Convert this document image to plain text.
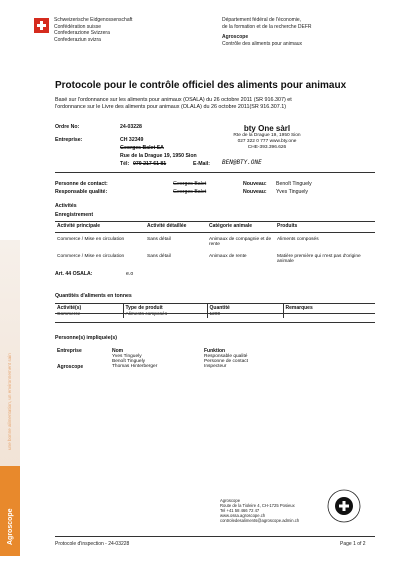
Schweizerische Eidgenossenschaft
Confédération suisse
Confederazione Svizzera
Confederaziun svizra
Département fédéral de l'économie,
de la formation et de la recherche DEFR
Agroscope
Contrôle des aliments pour animaux
Protocole pour le contrôle officiel des aliments pour animaux
Basé sur l'ordonnance sur les aliments pour animaux (OSALA) du 26 octobre 2011 (SR 916.307) et
l'ordonnance sur le Livre des aliments pour animaux (OLALA) du 26 octobre 2011(SR 916.307.1)
Ordre No:	24-03228
Entreprise:	CH 32349
Georges Balet SA
Rue de la Drague 19, 1950 Sion
Tél: 079 217 61 81	E-Mail: BEN@BTY.ONE
bty One sàrl
Rte de la Drague 19, 1950 Sion
027 322 0 777 www.bty.one
CHE-393.396.626
Personne de contact:	Georges Balet	Nouveau: Benoît Tinguely
Responsable qualité:	Georges Balet	Nouveau: Yves Tinguely
Activités
Enregistrement
Activité principale	Activité détaillée	Catégorie animale	Produits
Commerce / Mise en circulation	Sans détail	Animaux de compagnie et de rente	Aliments composés
Commerce / Mise en circulation	Sans détail	Animaux de rente	Matière première qui n'est pas d'origine animale
Art. 44 OSALA:	e.o
Quantités d'aliments en tonnes
Activité(s)	Type de produit	Quantité	Remarques
Commerce	Aliments composés	1200	
Personne(s) impliquée(s)
Entreprise	Nom	Funktion
	Yves Tinguely	Responsable qualité
	Benoît Tinguely	Personne de contact
Agroscope	Thomas Hinterberger	Inspecteur
une bonne alimentation, un environnement sain
Agroscope
Agroscope
Route de la Tioleire 4, CH-1725 Posieux
Tel +41 58 466 72 47
www.ossa.agroscope.ch
controledesaliments@agroscope.admin.ch
Protocole d'inspection - 24-03228	Page 1 of 2
